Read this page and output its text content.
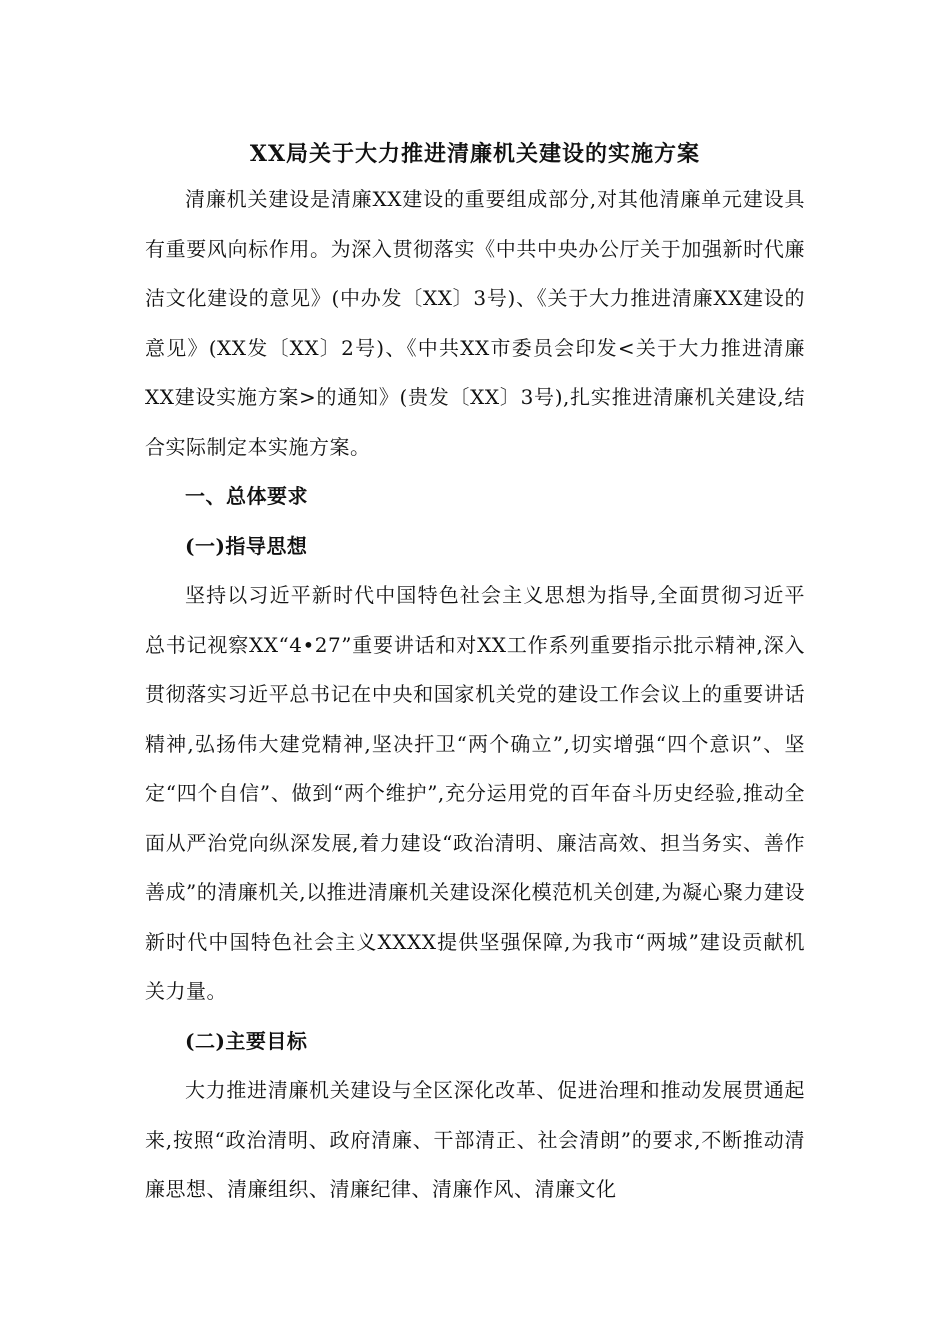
XX局关于大力推进清廉机关建设的实施方案

清廉机关建设是清廉XX建设的重要组成部分,对其他清廉单元建设具有重要风向标作用。为深入贯彻落实《中共中央办公厅关于加强新时代廉洁文化建设的意见》(中办发〔XX〕3号)、《关于大力推进清廉XX建设的意见》(XX发〔XX〕2号)、《中共XX市委员会印发<关于大力推进清廉XX建设实施方案>的通知》(贵发〔XX〕3号),扎实推进清廉机关建设,结合实际制定本实施方案。

一、总体要求

(一)指导思想

坚持以习近平新时代中国特色社会主义思想为指导,全面贯彻习近平总书记视察XX“4•27”重要讲话和对XX工作系列重要指示批示精神,深入贯彻落实习近平总书记在中央和国家机关党的建设工作会议上的重要讲话精神,弘扬伟大建党精神,坚决扞卫“两个确立”,切实增强“四个意识”、坚定“四个自信”、做到“两个维护”,充分运用党的百年奋斗历史经验,推动全面从严治党向纵深发展,着力建设“政治清明、廉洁高效、担当务实、善作善成”的清廉机关,以推进清廉机关建设深化模范机关创建,为凝心聚力建设新时代中国特色社会主义XXXX提供坚强保障,为我市“两城”建设贡献机关力量。

(二)主要目标

大力推进清廉机关建设与全区深化改革、促进治理和推动发展贯通起来,按照“政治清明、政府清廉、干部清正、社会清朗”的要求,不断推动清廉思想、清廉组织、清廉纪律、清廉作风、清廉文化
